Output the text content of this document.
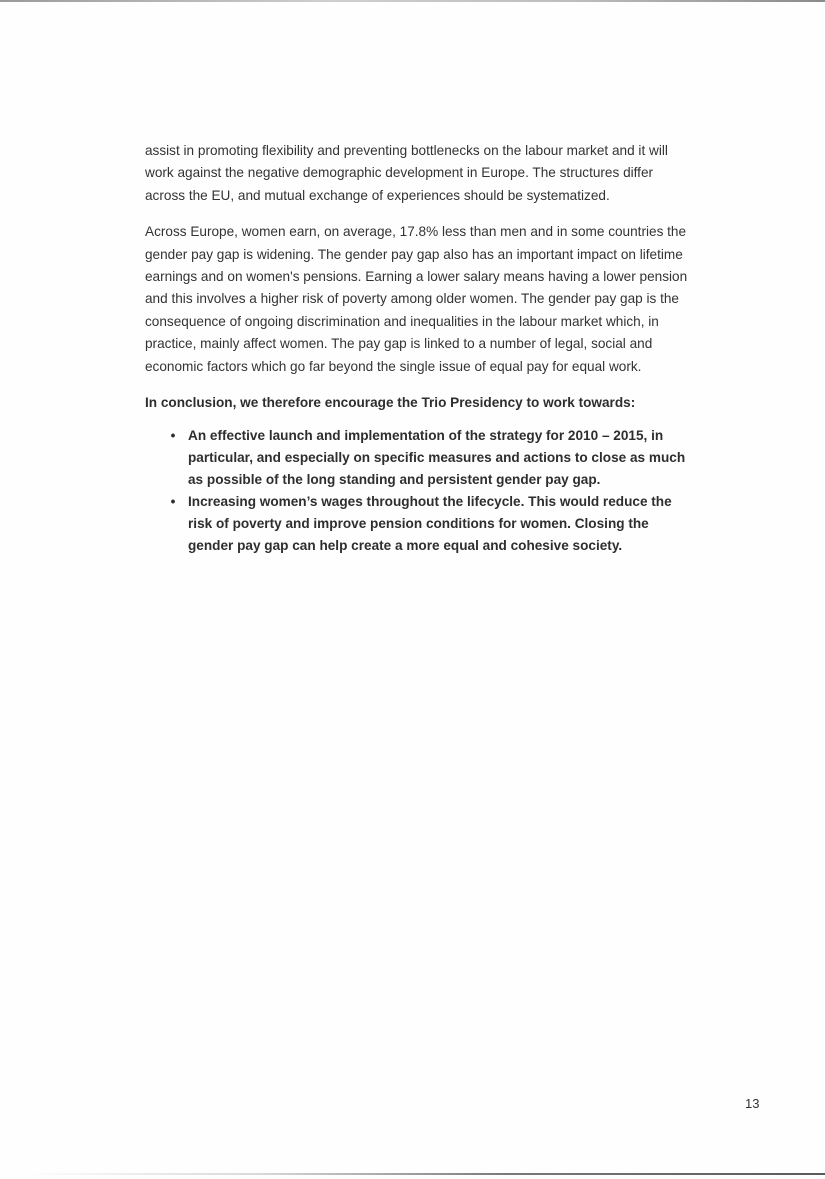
assist in promoting flexibility and preventing bottlenecks on the labour market and it will work against the negative demographic development in Europe. The structures differ across the EU, and mutual exchange of experiences should be systematized.

Across Europe, women earn, on average, 17.8% less than men and in some countries the gender pay gap is widening. The gender pay gap also has an important impact on lifetime earnings and on women's pensions. Earning a lower salary means having a lower pension and this involves a higher risk of poverty among older women. The gender pay gap is the consequence of ongoing discrimination and inequalities in the labour market which, in practice, mainly affect women. The pay gap is linked to a number of legal, social and economic factors which go far beyond the single issue of equal pay for equal work.

In conclusion, we therefore encourage the Trio Presidency to work towards:

• An effective launch and implementation of the strategy for 2010 – 2015, in particular, and especially on specific measures and actions to close as much as possible of the long standing and persistent gender pay gap.
• Increasing women’s wages throughout the lifecycle. This would reduce the risk of poverty and improve pension conditions for women. Closing the gender pay gap can help create a more equal and cohesive society.
13
